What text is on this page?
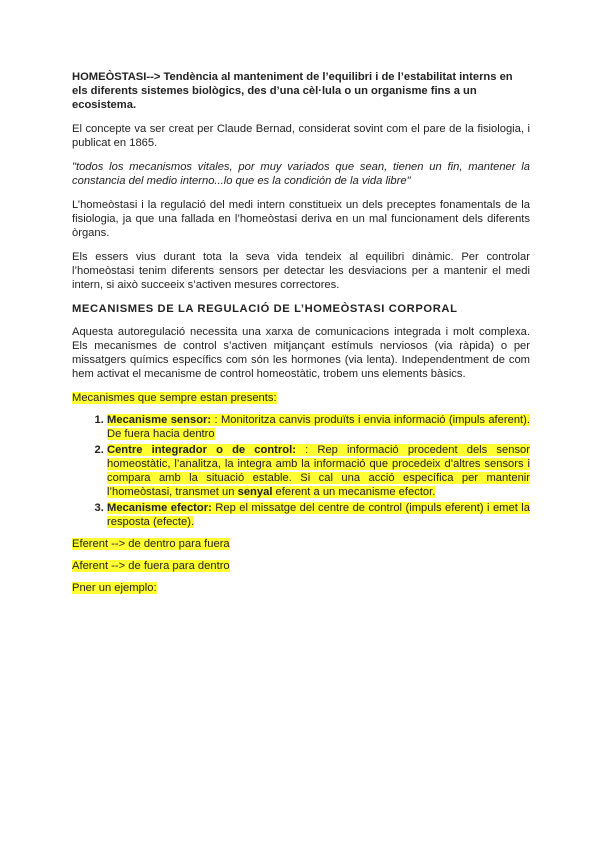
HOMEÒSTASI--> Tendència al manteniment de l’equilibri i de l’estabilitat interns en els diferents sistemes biològics, des d’una cèl·lula o un organisme fins a un ecosistema.

El concepte va ser creat per Claude Bernad, considerat sovint com el pare de la fisiologia, i publicat en 1865.

"todos los mecanismos vitales, por muy variados que sean, tienen un fin, mantener la constancia del medio interno...lo que es la condición de la vida libre"

L’homeòstasi i la regulació del medi intern constitueix un dels preceptes fonamentals de la fisiologia, ja que una fallada en l’homeòstasi deriva en un mal funcionament dels diferents òrgans.

Els essers vius durant tota la seva vida tendeix al equilibri dinàmic. Per controlar l’homeòstasi tenim diferents sensors per detectar les desviacions per a mantenir el medi intern, si això succeeix s’activen mesures correctores.

MECANISMES DE LA REGULACIÓ DE L’HOMEÒSTASI CORPORAL

Aquesta autoregulació necessita una xarxa de comunicacions integrada i molt complexa. Els mecanismes de control s’activen mitjançant estímuls nerviosos (via ràpida) o per missatgers químics específics com són les hormones (via lenta). Independentment de com hem activat el mecanisme de control homeostàtic, trobem uns elements bàsics.

Mecanismes que sempre estan presents:

1. Mecanisme sensor: : Monitoritza canvis produïts i envia informació (impuls aferent). De fuera hacia dentro
2. Centre integrador o de control: : Rep informació procedent dels sensor homeostàtic, l’analitza, la integra amb la informació que procedeix d’altres sensors i compara amb la situació estable. Si cal una acció específica per mantenir l’homeòstasi, transmet un senyal eferent a un mecanisme efector.
3. Mecanisme efector: Rep el missatge del centre de control (impuls eferent) i emet la resposta (efecte).

Eferent --> de dentro para fuera

Aferent --> de fuera para dentro

Pner un ejemplo:
